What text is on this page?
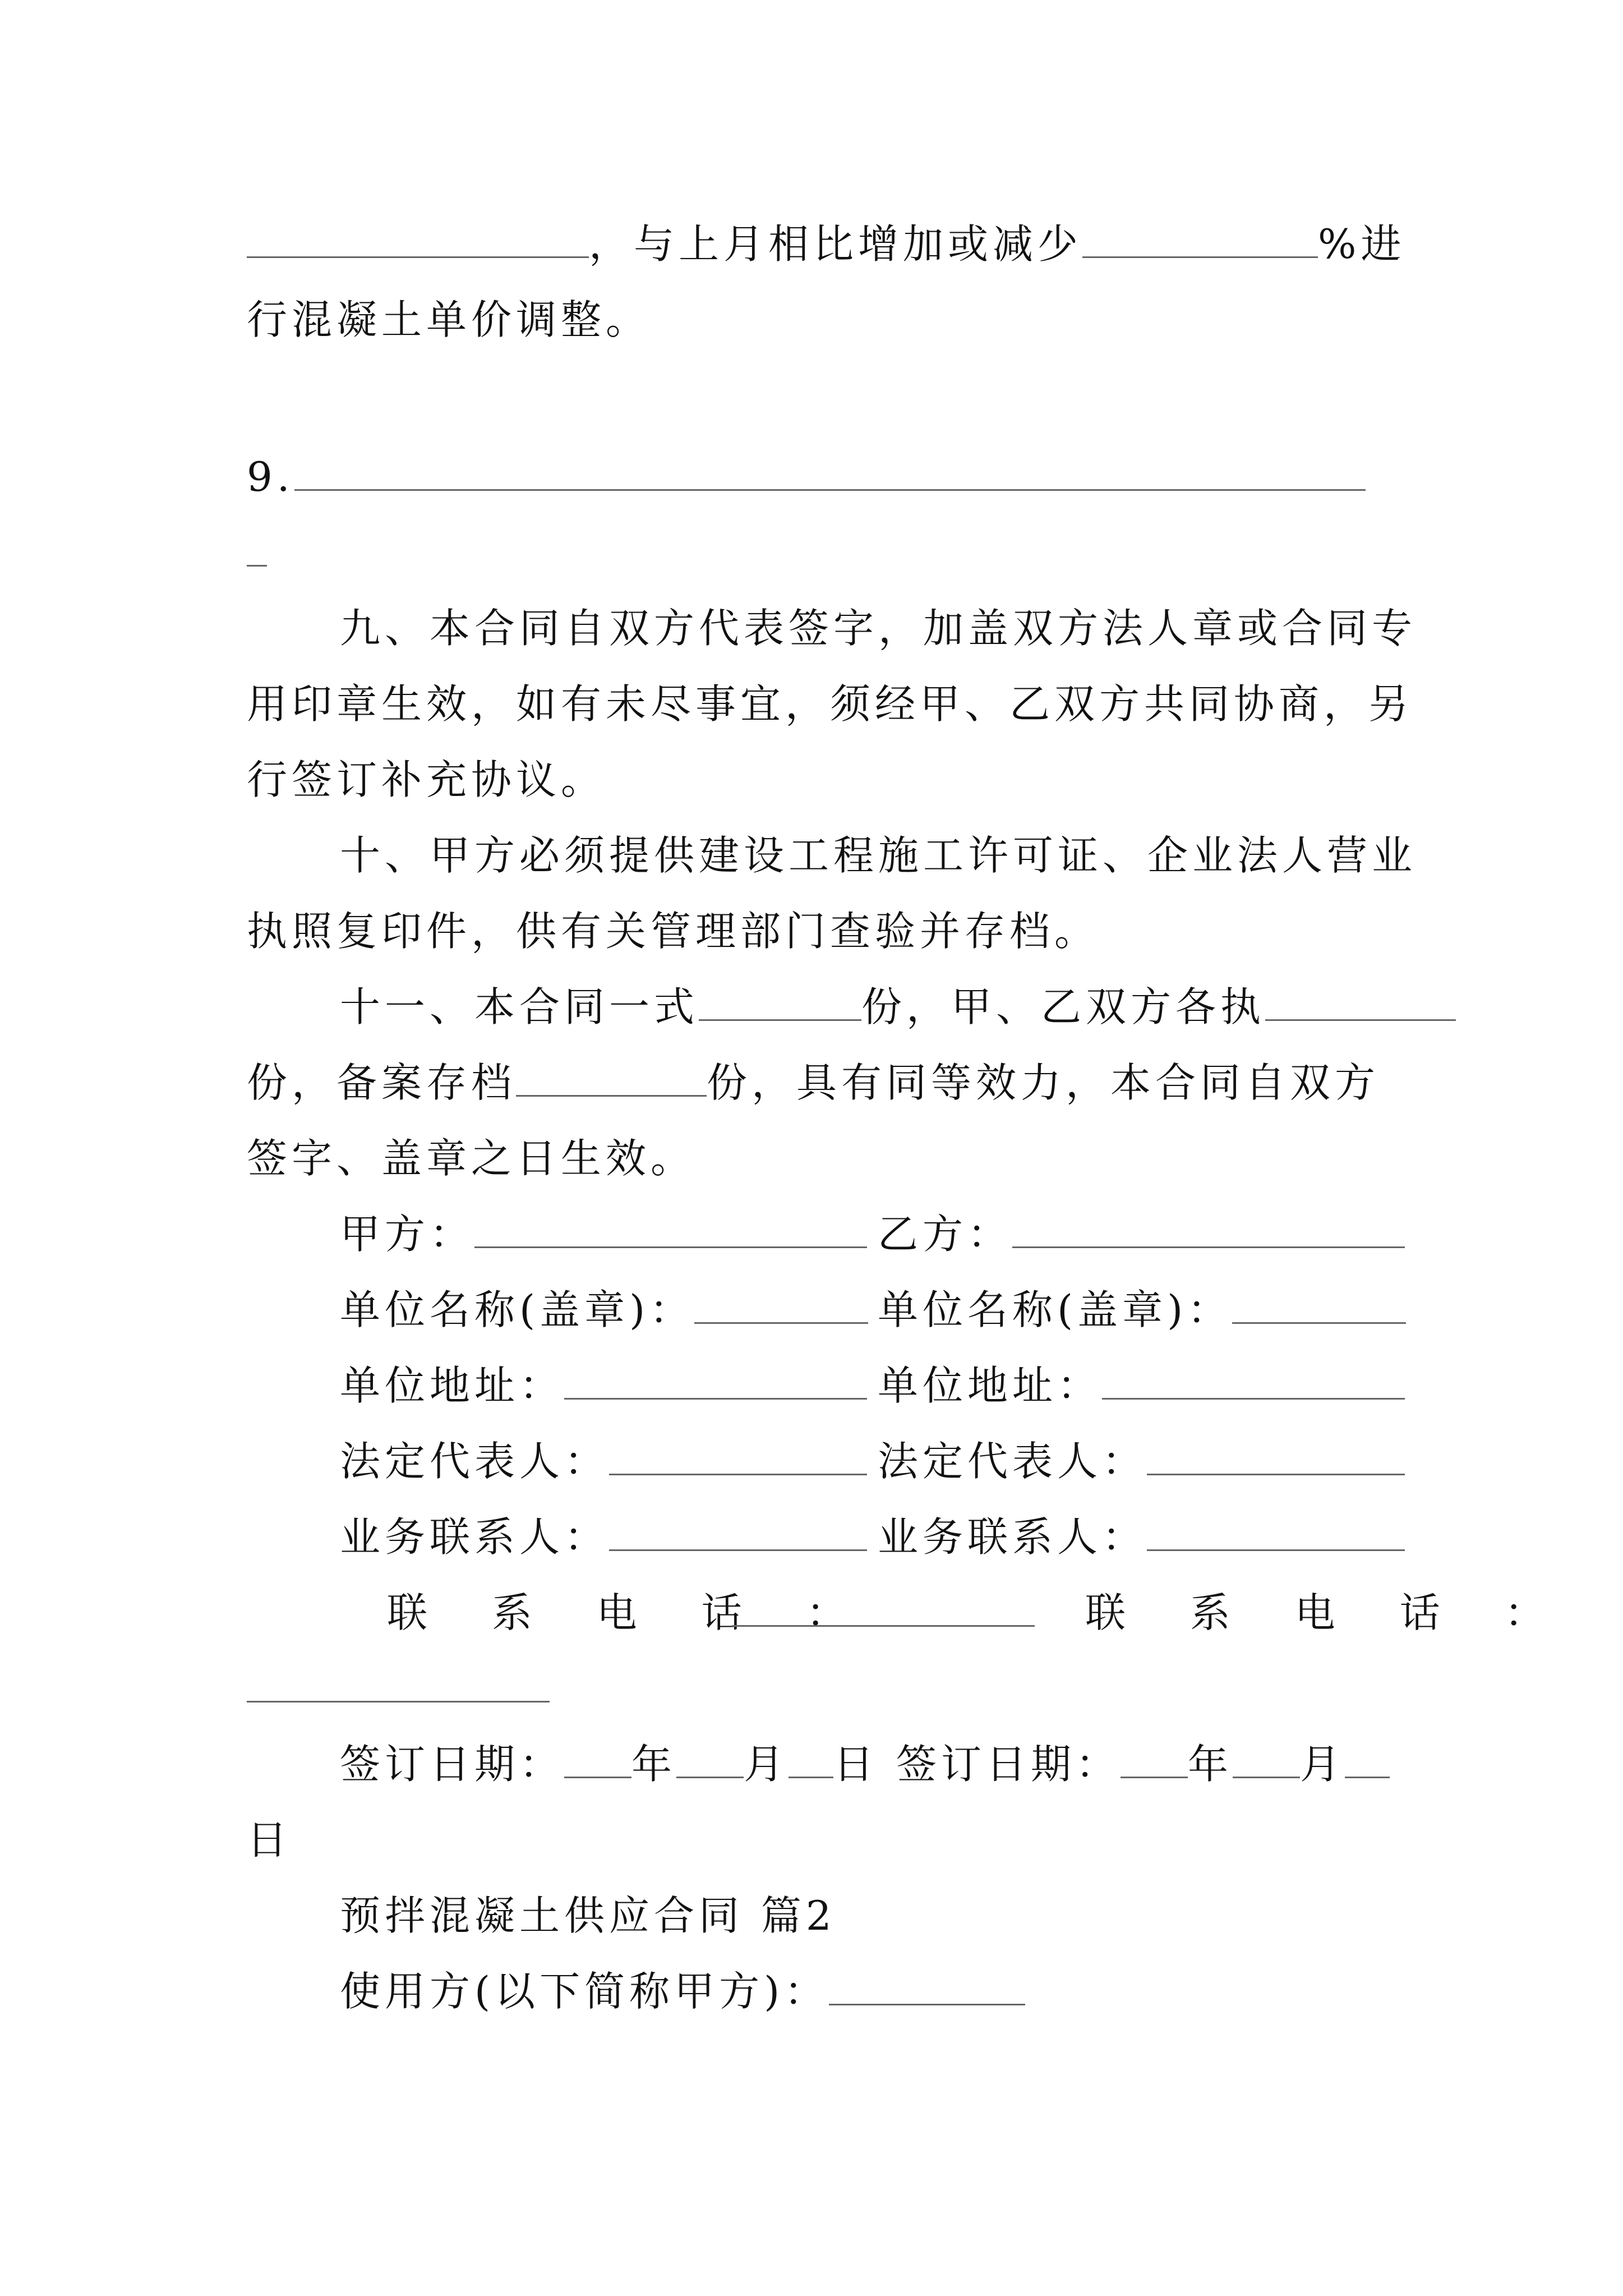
，与上月相比增加或减少	%进
行混凝土单价调整。
9.
九、本合同自双方代表签字，加盖双方法人章或合同专
用印章生效，如有未尽事宜，须经甲、乙双方共同协商，另
行签订补充协议。
十、甲方必须提供建设工程施工许可证、企业法人营业
执照复印件，供有关管理部门查验并存档。
十一、本合同一式	份，甲、乙双方各执
份，备案存档	份，具有同等效力，本合同自双方
签字、盖章之日生效。
甲方：	乙方：
单位名称(盖章)：	单位名称(盖章)：
单位地址：	单位地址：
法定代表人：	法定代表人：
业务联系人：	业务联系人：
联 系 电 话 ：	联 系 电 话 ：
签订日期： 年 月 日 签订日期： 年 月
日
预拌混凝土供应合同 篇2
使用方(以下简称甲方)：
